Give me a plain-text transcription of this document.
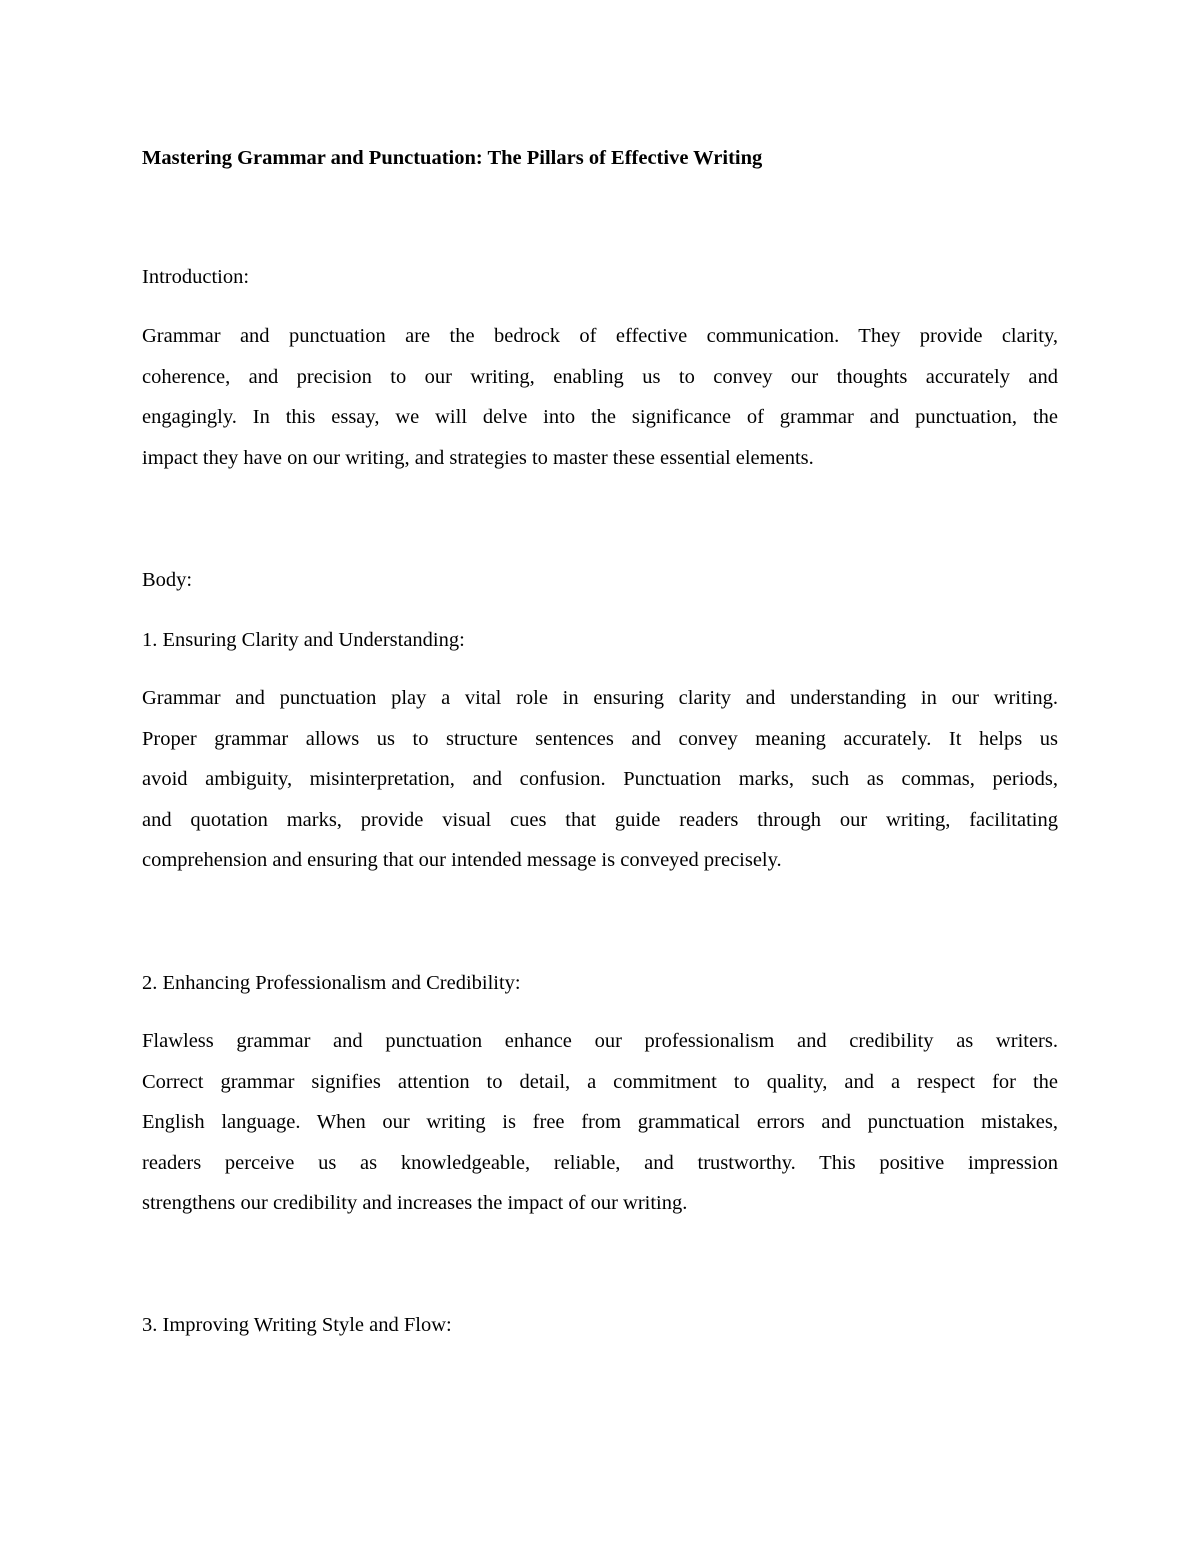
Mastering Grammar and Punctuation: The Pillars of Effective Writing

Introduction:

Grammar and punctuation are the bedrock of effective communication. They provide clarity,
coherence, and precision to our writing, enabling us to convey our thoughts accurately and
engagingly. In this essay, we will delve into the significance of grammar and punctuation, the
impact they have on our writing, and strategies to master these essential elements.

Body:

1. Ensuring Clarity and Understanding:

Grammar and punctuation play a vital role in ensuring clarity and understanding in our writing.
Proper grammar allows us to structure sentences and convey meaning accurately. It helps us
avoid ambiguity, misinterpretation, and confusion. Punctuation marks, such as commas, periods,
and quotation marks, provide visual cues that guide readers through our writing, facilitating
comprehension and ensuring that our intended message is conveyed precisely.

2. Enhancing Professionalism and Credibility:

Flawless grammar and punctuation enhance our professionalism and credibility as writers.
Correct grammar signifies attention to detail, a commitment to quality, and a respect for the
English language. When our writing is free from grammatical errors and punctuation mistakes,
readers perceive us as knowledgeable, reliable, and trustworthy. This positive impression
strengthens our credibility and increases the impact of our writing.

3. Improving Writing Style and Flow:
